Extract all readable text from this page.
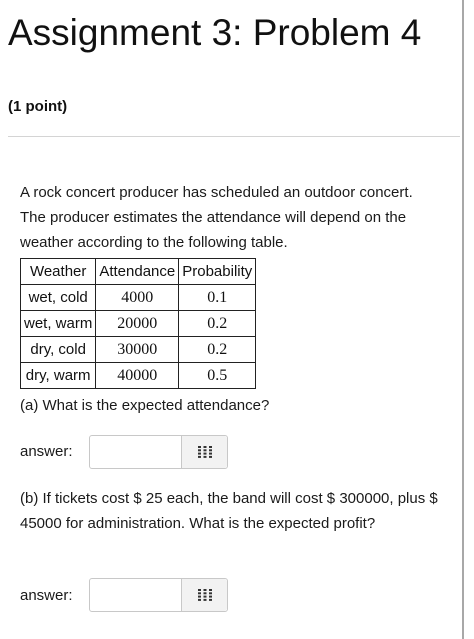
Assignment 3: Problem 4
(1 point)
A rock concert producer has scheduled an outdoor concert. The producer estimates the attendance will depend on the weather according to the following table.
Weather	Attendance	Probability
wet, cold	4000	0.1
wet, warm	20000	0.2
dry, cold	30000	0.2
dry, warm	40000	0.5
(a) What is the expected attendance?
answer:
(b) If tickets cost $ 25 each, the band will cost $ 300000, plus $ 45000 for administration. What is the expected profit?
answer:
